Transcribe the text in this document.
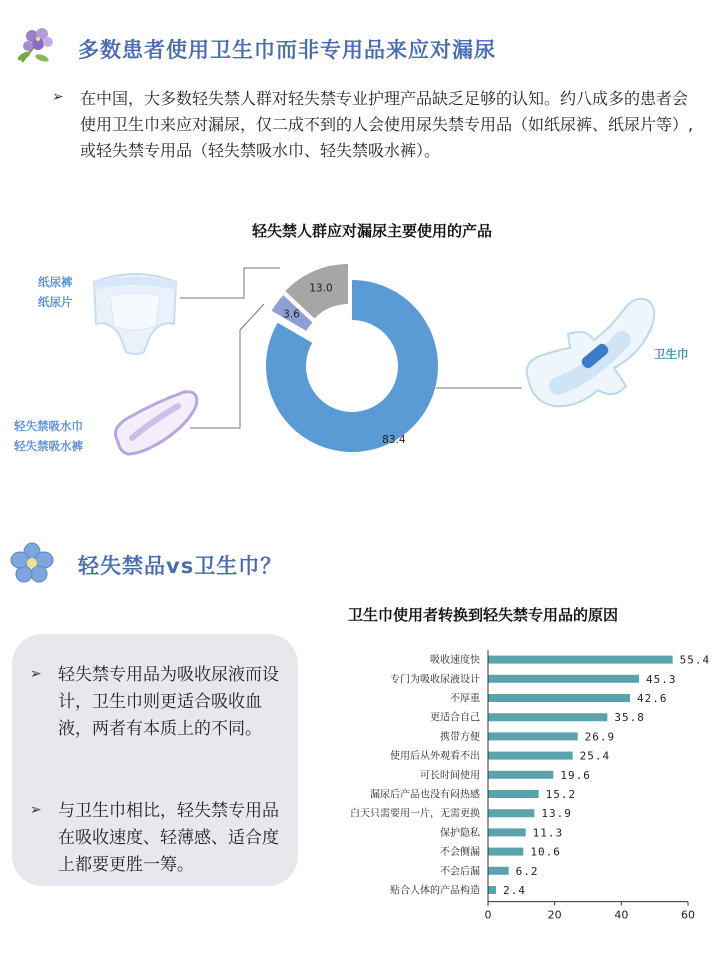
多数患者使用卫生巾而非专用品来应对漏尿
➢ 在中国，大多数轻失禁人群对轻失禁专业护理产品缺乏足够的认知。约八成多的患者会使用卫生巾来应对漏尿，仅二成不到的人会使用尿失禁专用品（如纸尿裤、纸尿片等）, 或轻失禁专用品（轻失禁吸水巾、轻失禁吸水裤）。
轻失禁人群应对漏尿主要使用的产品
纸尿裤
纸尿片
轻失禁吸水巾
轻失禁吸水裤
卫生巾
83.4
3.6
13.0
轻失禁品vs卫生巾？
卫生巾使用者转换到轻失禁专用品的原因
➢ 轻失禁专用品为吸收尿液而设计，卫生巾则更适合吸收血液，两者有本质上的不同。
➢ 与卫生巾相比，轻失禁专用品在吸收速度、轻薄感、适合度上都要更胜一筹。
吸收速度快	55.4
专门为吸收尿液设计	45.3
不厚重	42.6
更适合自己	35.8
携带方便	26.9
使用后从外观看不出	25.4
可长时间使用	19.6
漏尿后产品也没有闷热感	15.2
白天只需要用一片，无需更换	13.9
保护隐私	11.3
不会侧漏	10.6
不会后漏	6.2
贴合人体的产品构造 2.4
0	20	40	60
